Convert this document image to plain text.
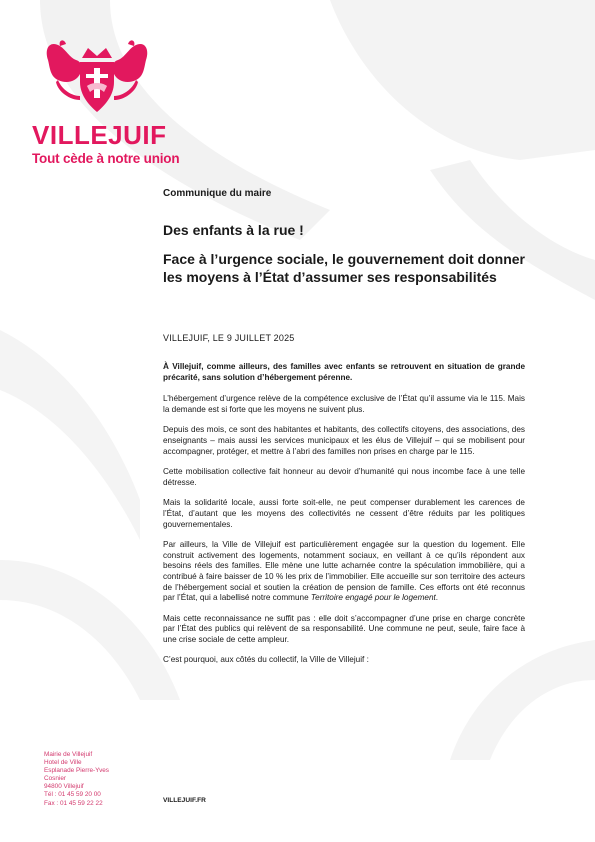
VILLEJUIF
Tout cède à notre union
Communique du maire
Des enfants à la rue !
Face à l’urgence sociale, le gouvernement doit donner les moyens à l’État d’assumer ses responsabilités
VILLEJUIF, LE 9 JUILLET 2025

À Villejuif, comme ailleurs, des familles avec enfants se retrouvent en situation de grande précarité, sans solution d’hébergement pérenne.

L’hébergement d’urgence relève de la compétence exclusive de l’État qu’il assume via le 115. Mais la demande est si forte que les moyens ne suivent plus.

Depuis des mois, ce sont des habitantes et habitants, des collectifs citoyens, des associations, des enseignants – mais aussi les services municipaux et les élus de Villejuif – qui se mobilisent pour accompagner, protéger, et mettre à l’abri des familles non prises en charge par le 115.

Cette mobilisation collective fait honneur au devoir d’humanité qui nous incombe face à une telle détresse.

Mais la solidarité locale, aussi forte soit-elle, ne peut compenser durablement les carences de l’État, d’autant que les moyens des collectivités ne cessent d’être réduits par les politiques gouvernementales.

Par ailleurs, la Ville de Villejuif est particulièrement engagée sur la question du logement. Elle construit activement des logements, notamment sociaux, en veillant à ce qu’ils répondent aux besoins réels des familles. Elle mène une lutte acharnée contre la spéculation immobilière, qui a contribué à faire baisser de 10 % les prix de l’immobilier. Elle accueille sur son territoire des acteurs de l’hébergement social et soutien la création de pension de famille. Ces efforts ont été reconnus par l’État, qui a labellisé notre commune Territoire engagé pour le logement.

Mais cette reconnaissance ne suffit pas : elle doit s’accompagner d’une prise en charge concrète par l’État des publics qui relèvent de sa responsabilité. Une commune ne peut, seule, faire face à une crise sociale de cette ampleur.

C’est pourquoi, aux côtés du collectif, la Ville de Villejuif :

Mairie de Villejuif
Hotel de Ville
Esplanade Pierre-Yves
Cosnier
94800 Villejuif
Tél : 01 45 59 20 00
Fax : 01 45 59 22 22	VILLEJUIF.FR
